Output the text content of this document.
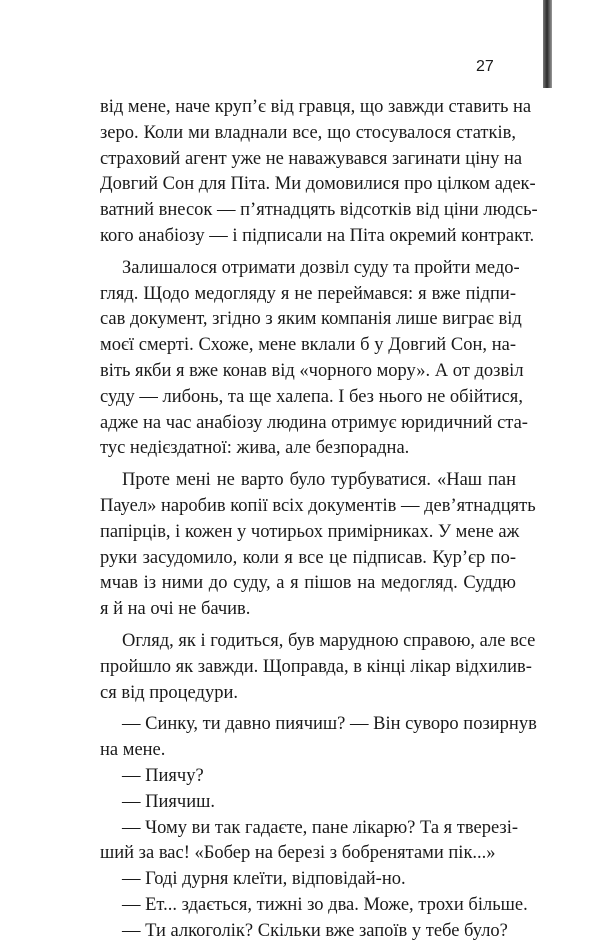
27
від мене, наче круп’є від гравця, що завжди ставить на
зеро. Коли ми владнали все, що стосувалося статків,
страховий агент уже не наважувався загинати ціну на
Довгий Сон для Піта. Ми домовилися про цілком адек-
ватний внесок — п’ятнадцять відсотків від ціни людсь-
кого анабіозу — і підписали на Піта окремий контракт.
Залишалося отримати дозвіл суду та пройти медо-
гляд. Щодо медогляду я не переймався: я вже підпи-
сав документ, згідно з яким компанія лише виграє від
моєї смерті. Схоже, мене вклали б у Довгий Сон, на-
віть якби я вже конав від «чорного мору». А от дозвіл
суду — либонь, та ще халепа. І без нього не обійтися,
адже на час анабіозу людина отримує юридичний ста-
тус недієздатної: жива, але безпорадна.
Проте мені не варто було турбуватися. «Наш пан
Пауел» наробив копії всіх документів — дев’ятнадцять
папірців, і кожен у чотирьох примірниках. У мене аж
руки засудомило, коли я все це підписав. Кур’єр по-
мчав із ними до суду, а я пішов на медогляд. Суддю
я й на очі не бачив.
Огляд, як і годиться, був марудною справою, але все
пройшло як завжди. Щоправда, в кінці лікар відхилив-
ся від процедури.
— Синку, ти давно пиячиш? — Він суворо позирнув
на мене.
— Пиячу?
— Пиячиш.
— Чому ви так гадаєте, пане лікарю? Та я тверезі-
ший за вас! «Бобер на березі з бобренятами пік...»
— Годі дурня клеїти, відповідай-но.
— Ет... здається, тижні зо два. Може, трохи більше.
— Ти алкоголік? Скільки вже запоїв у тебе було?
